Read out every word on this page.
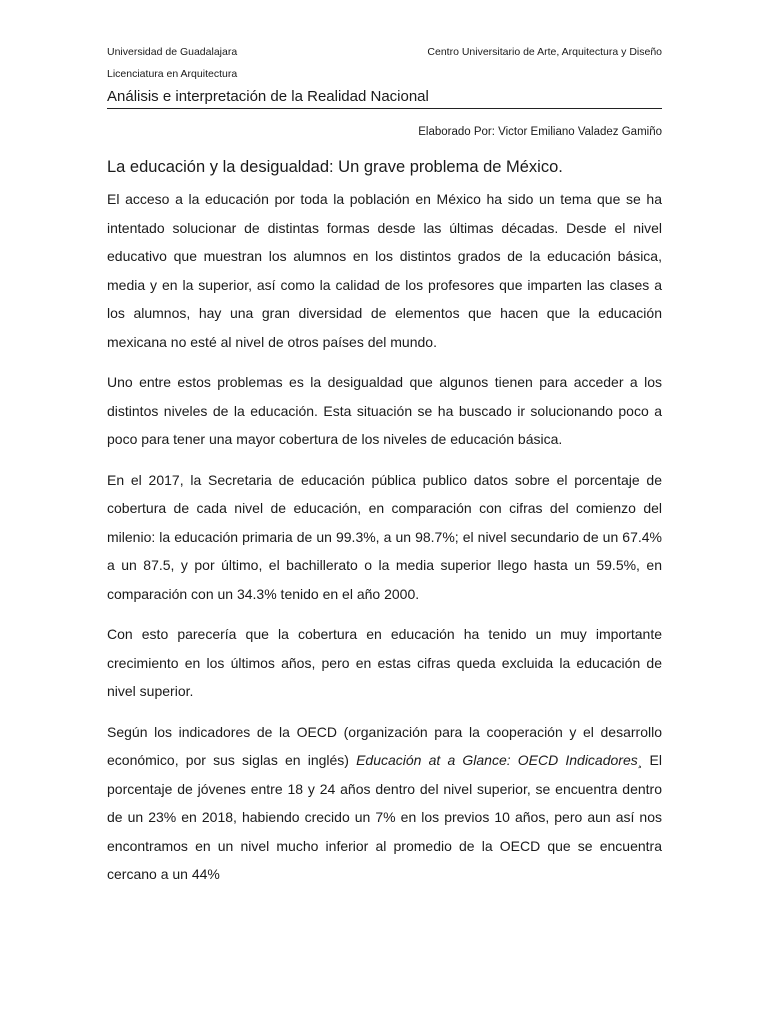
Universidad de Guadalajara	Centro Universitario de Arte, Arquitectura y Diseño
Licenciatura en Arquitectura
Análisis e interpretación de la Realidad Nacional
Elaborado Por: Victor Emiliano Valadez Gamiño
La educación y la desigualdad: Un grave problema de México.

El acceso a la educación por toda la población en México ha sido un tema que se ha intentado solucionar de distintas formas desde las últimas décadas. Desde el nivel educativo que muestran los alumnos en los distintos grados de la educación básica, media y en la superior, así como la calidad de los profesores que imparten las clases a los alumnos, hay una gran diversidad de elementos que hacen que la educación mexicana no esté al nivel de otros países del mundo.

Uno entre estos problemas es la desigualdad que algunos tienen para acceder a los distintos niveles de la educación. Esta situación se ha buscado ir solucionando poco a poco para tener una mayor cobertura de los niveles de educación básica.

En el 2017, la Secretaria de educación pública publico datos sobre el porcentaje de cobertura de cada nivel de educación, en comparación con cifras del comienzo del milenio: la educación primaria de un 99.3%, a un 98.7%; el nivel secundario de un 67.4% a un 87.5, y por último, el bachillerato o la media superior llego hasta un 59.5%, en comparación con un 34.3% tenido en el año 2000.

Con esto parecería que la cobertura en educación ha tenido un muy importante crecimiento en los últimos años, pero en estas cifras queda excluida la educación de nivel superior.

Según los indicadores de la OECD (organización para la cooperación y el desarrollo económico, por sus siglas en inglés) Educación at a Glance: OECD Indicadores¸ El porcentaje de jóvenes entre 18 y 24 años dentro del nivel superior, se encuentra dentro de un 23% en 2018, habiendo crecido un 7% en los previos 10 años, pero aun así nos encontramos en un nivel mucho inferior al promedio de la OECD que se encuentra cercano a un 44%
